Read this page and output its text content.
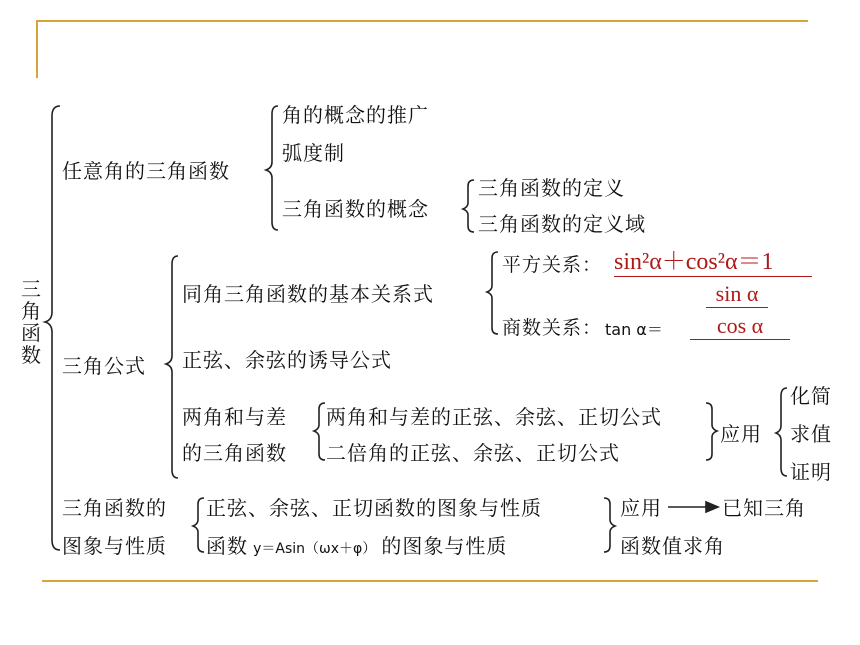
三角函数
任意角的三角函数
角的概念的推广
弧度制
三角函数的概念
三角函数的定义
三角函数的定义域
三角公式
同角三角函数的基本关系式
平方关系： sin²α＋cos²α＝1
商数关系： tan α＝
sin α
cos α
正弦、余弦的诱导公式
两角和与差
的三角函数
两角和与差的正弦、余弦、正切公式
二倍角的正弦、余弦、正切公式
应用
化简
求值
证明
三角函数的
图象与性质
正弦、余弦、正切函数的图象与性质
函数 y＝Asin（ωx＋φ） 的图象与性质
应用	已知三角
函数值求角
